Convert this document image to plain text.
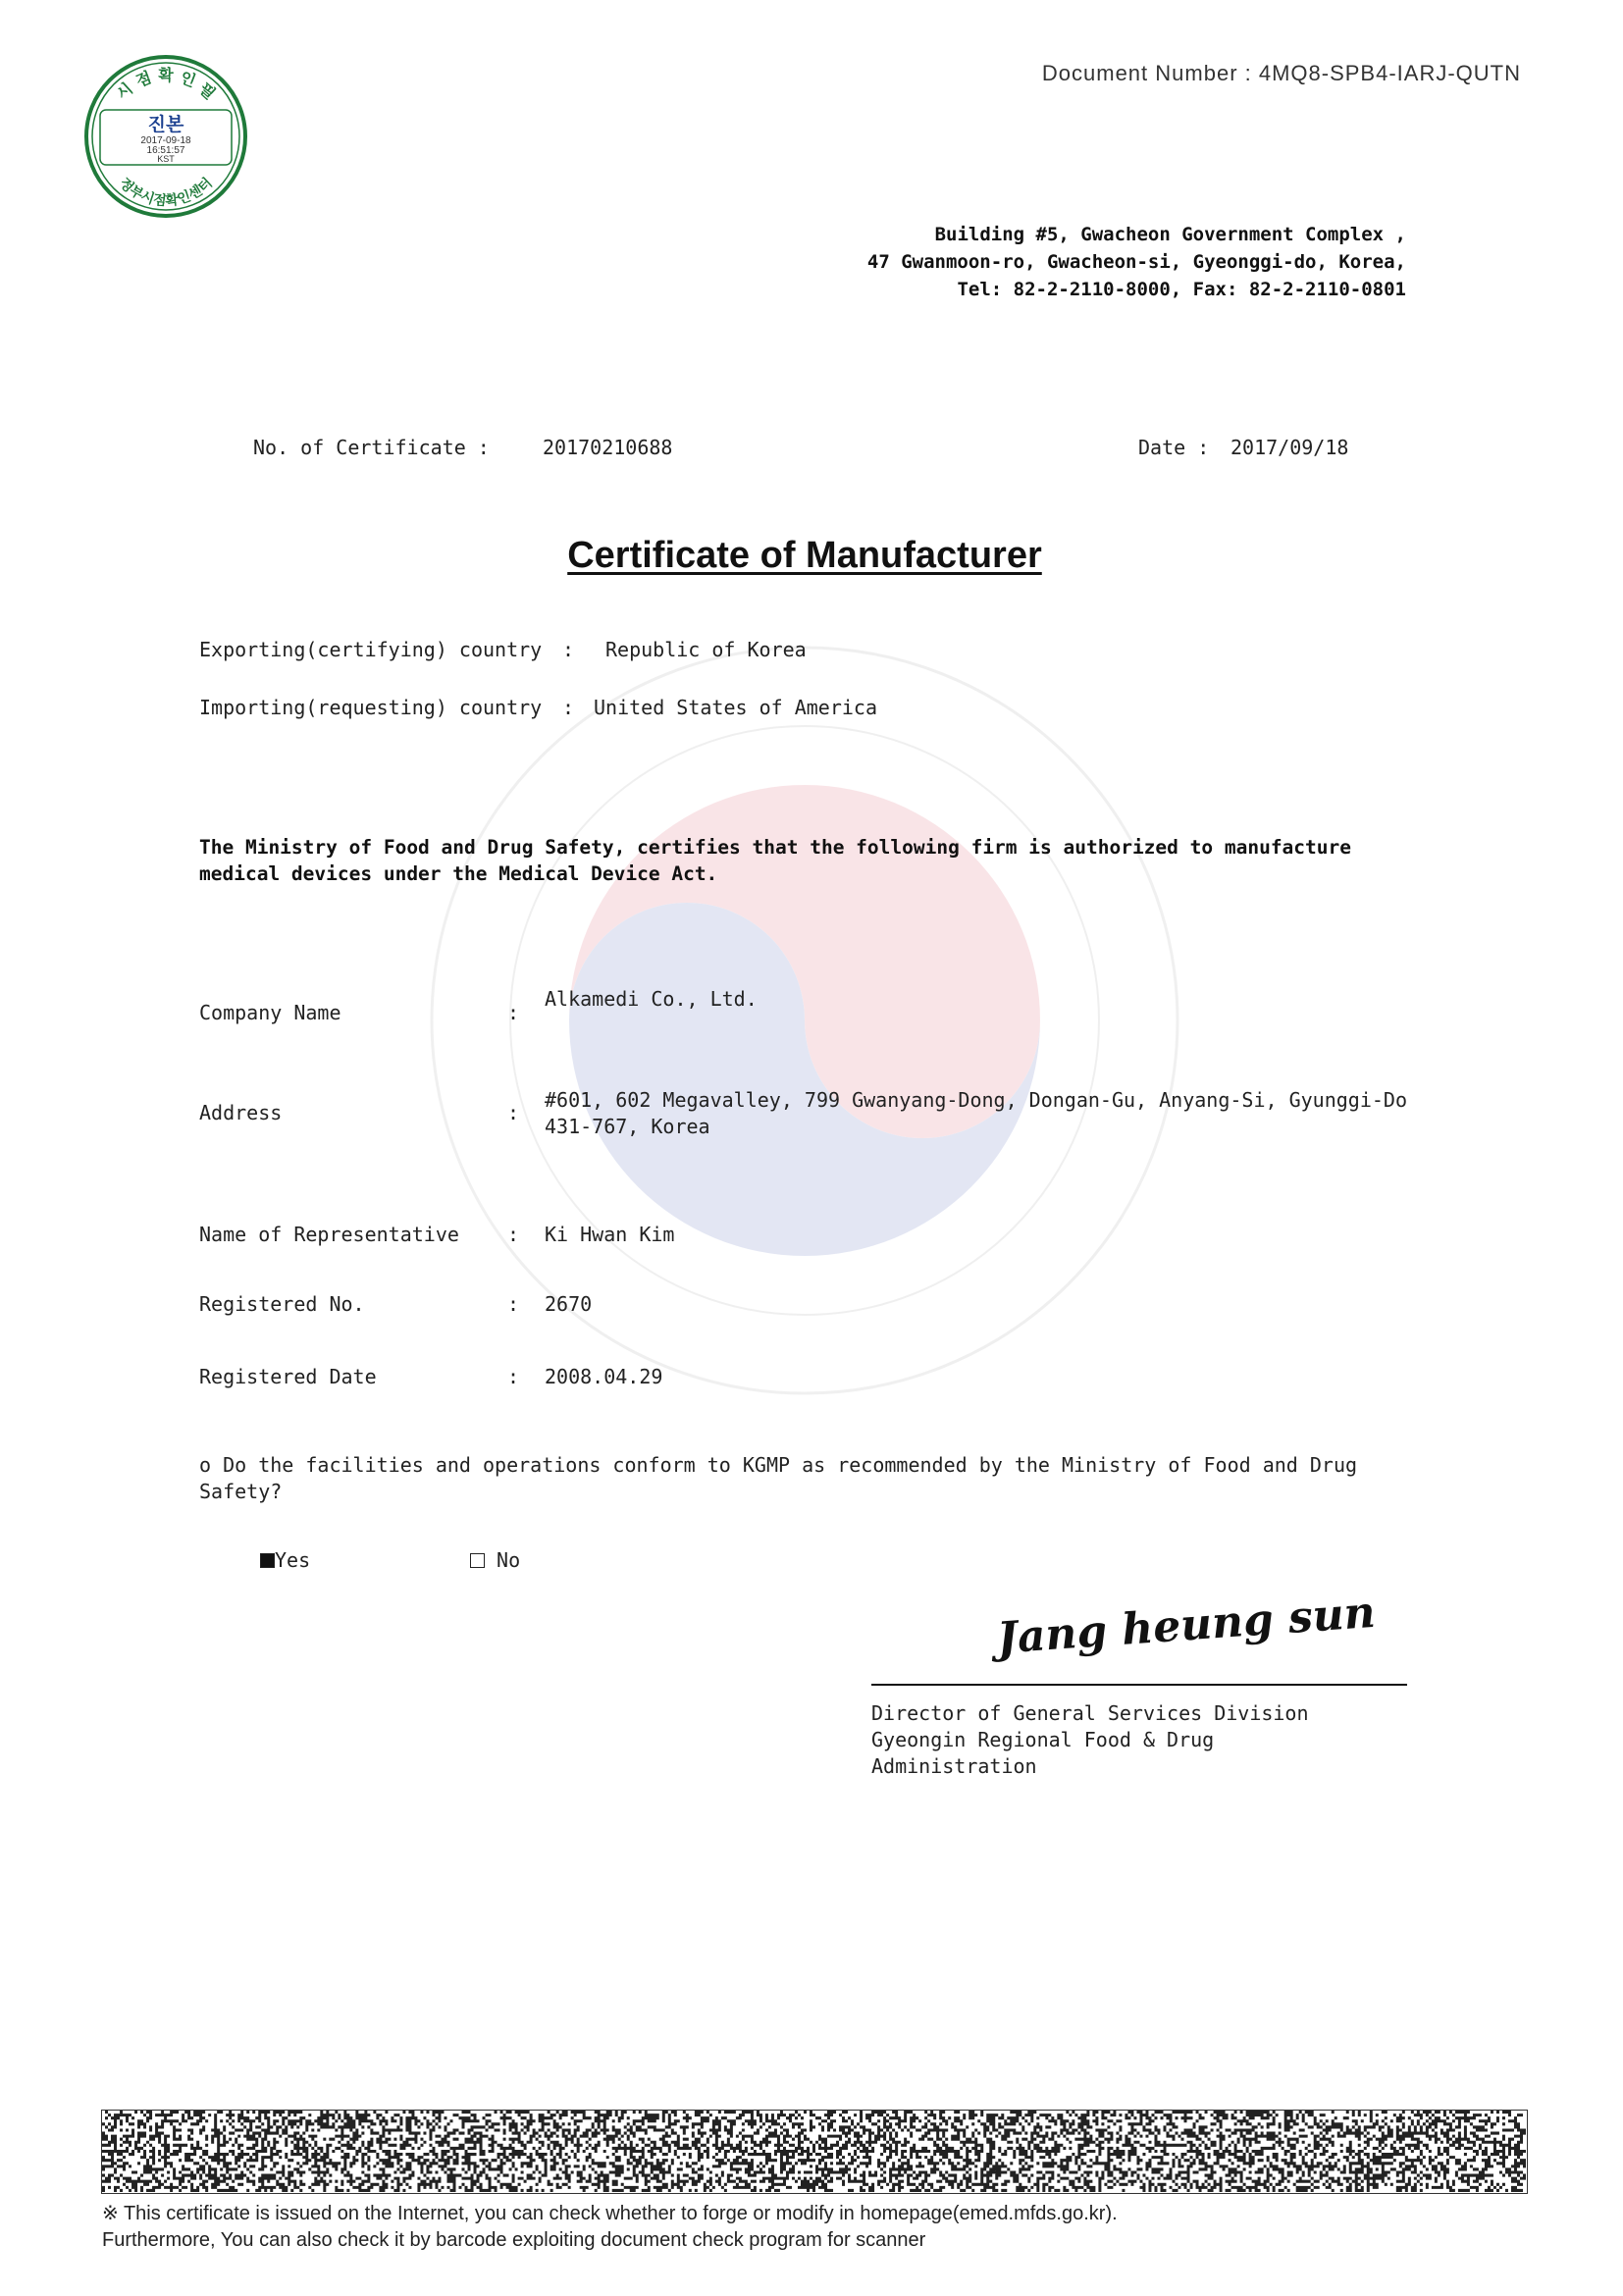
시 점 확 인 필
진본
2017-09-18
16:51:57
KST
정부시점확인센터
Document Number : 4MQ8-SPB4-IARJ-QUTN
Building #5, Gwacheon Government Complex ,
47 Gwanmoon-ro, Gwacheon-si, Gyeonggi-do, Korea,
Tel: 82-2-2110-8000, Fax: 82-2-2110-0801
No. of Certificate :	20170210688	Date : 2017/09/18
Certificate of Manufacturer
Exporting(certifying) country : Republic of Korea
Importing(requesting) country : United States of America
The Ministry of Food and Drug Safety, certifies that the following firm is authorized to manufacture medical devices under the Medical Device Act.
Company Name	:
Alkamedi Co., Ltd.
Address	:
#601, 602 Megavalley, 799 Gwanyang-Dong, Dongan-Gu, Anyang-Si, Gyunggi-Do
431-767, Korea
Name of Representative : Ki Hwan Kim
Registered No.	: 2670
Registered Date	: 2008.04.29
o Do the facilities and operations conform to KGMP as recommended by the Ministry of Food and Drug
Safety?
Yes	No
Jang heung sun
Director of General Services Division
Gyeongin Regional Food & Drug
Administration
※ This certificate is issued on the Internet, you can check whether to forge or modify in homepage(emed.mfds.go.kr).
Furthermore, You can also check it by barcode exploiting document check program for scanner
